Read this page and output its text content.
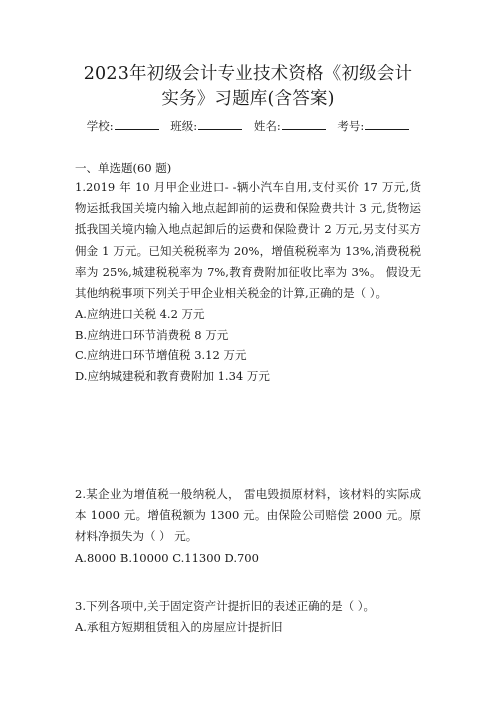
2023年初级会计专业技术资格《初级会计
实务》习题库(含答案)
学校:	班级:	姓名:	考号:
一、单选题(60 题)

1.2019 年 10 月甲企业进口- -辆小汽车自用,支付买价 17 万元,货物运抵我国关境内输入地点起卸前的运费和保险费共计 3 元,货物运抵我国关境内输入地点起卸后的运费和保险费计 2 万元,另支付买方佣金 1 万元。已知关税税率为 20%，增值税税率为 13%,消费税税率为 25%,城建税税率为 7%,教育费附加征收比率为 3%。 假设无其他纳税事项下列关于甲企业相关税金的计算,正确的是（ ）。

A.应纳进口关税 4.2 万元

B.应纳进口环节消费税 8 万元

C.应纳进口环节增值税 3.12 万元

D.应纳城建税和教育费附加 1.34 万元

2.某企业为增值税一般纳税人， 雷电毁损原材料，该材料的实际成本 1000 元。增值税额为 1300 元。由保险公司赔偿 2000 元。原材料净损失为（ ） 元。

A.8000 B.10000 C.11300 D.700

3.下列各项中,关于固定资产计提折旧的表述正确的是（ ）。

A.承租方短期租赁租入的房屋应计提折旧
